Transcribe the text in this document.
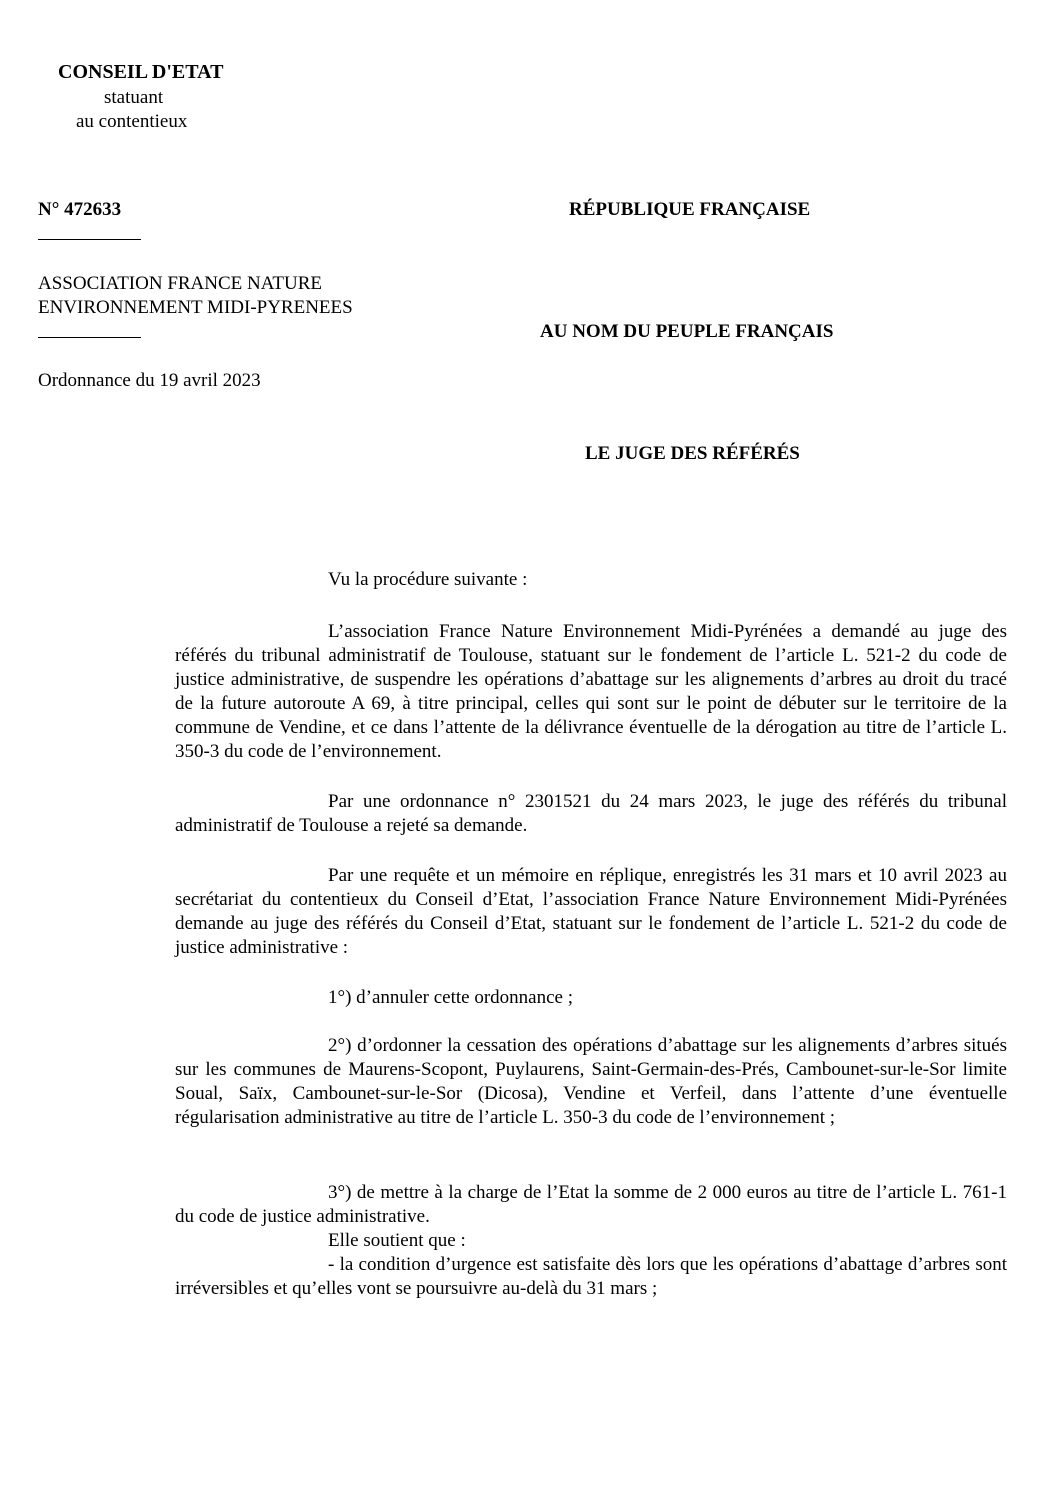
CONSEIL D'ETAT
statuant
au contentieux
N° 472633	RÉPUBLIQUE FRANÇAISE
ASSOCIATION FRANCE NATURE
ENVIRONNEMENT MIDI-PYRENEES
AU NOM DU PEUPLE FRANÇAIS
Ordonnance du 19 avril 2023
LE JUGE DES RÉFÉRÉS
Vu la procédure suivante :
L’association France Nature Environnement Midi-Pyrénées a demandé au juge des référés du tribunal administratif de Toulouse, statuant sur le fondement de l’article L. 521-2 du code de justice administrative, de suspendre les opérations d’abattage sur les alignements d’arbres au droit du tracé de la future autoroute A 69, à titre principal, celles qui sont sur le point de débuter sur le territoire de la commune de Vendine, et ce dans l’attente de la délivrance éventuelle de la dérogation au titre de l’article L. 350-3 du code de l’environnement.
Par une ordonnance n° 2301521 du 24 mars 2023, le juge des référés du tribunal administratif de Toulouse a rejeté sa demande.
Par une requête et un mémoire en réplique, enregistrés les 31 mars et 10 avril 2023 au secrétariat du contentieux du Conseil d’Etat, l’association France Nature Environnement Midi-Pyrénées demande au juge des référés du Conseil d’Etat, statuant sur le fondement de l’article L. 521-2 du code de justice administrative :
1°) d’annuler cette ordonnance ;
2°) d’ordonner la cessation des opérations d’abattage sur les alignements d’arbres situés sur les communes de Maurens-Scopont, Puylaurens, Saint-Germain-des-Prés, Cambounet-sur-le-Sor limite Soual, Saïx, Cambounet-sur-le-Sor (Dicosa), Vendine et Verfeil, dans l’attente d’une éventuelle régularisation administrative au titre de l’article L. 350-3 du code de l’environnement ;
3°) de mettre à la charge de l’Etat la somme de 2 000 euros au titre de l’article L. 761-1 du code de justice administrative.
Elle soutient que :
- la condition d’urgence est satisfaite dès lors que les opérations d’abattage d’arbres sont irréversibles et qu’elles vont se poursuivre au-delà du 31 mars ;
